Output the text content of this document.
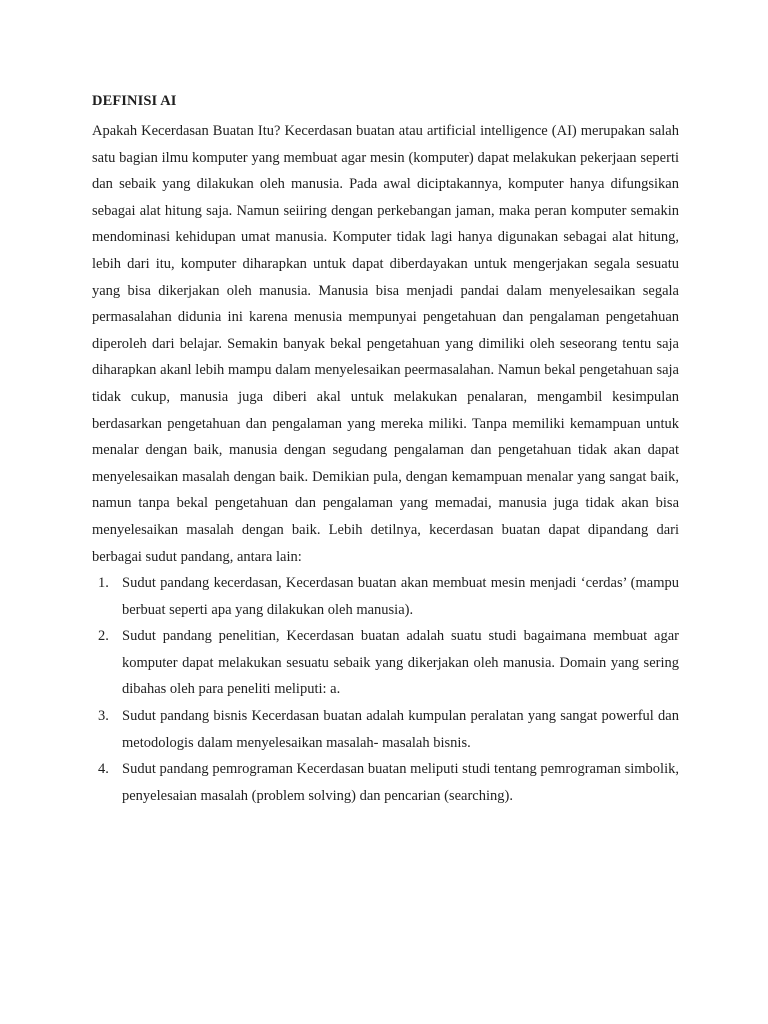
DEFINISI AI

Apakah Kecerdasan Buatan Itu? Kecerdasan buatan atau artificial intelligence (AI) merupakan salah satu bagian ilmu komputer yang membuat agar mesin (komputer) dapat melakukan pekerjaan seperti dan sebaik yang dilakukan oleh manusia. Pada awal diciptakannya, komputer hanya difungsikan sebagai alat hitung saja. Namun seiiring dengan perkebangan jaman, maka peran komputer semakin mendominasi kehidupan umat manusia. Komputer tidak lagi hanya digunakan sebagai alat hitung, lebih dari itu, komputer diharapkan untuk dapat diberdayakan untuk mengerjakan segala sesuatu yang bisa dikerjakan oleh manusia. Manusia bisa menjadi pandai dalam menyelesaikan segala permasalahan didunia ini karena menusia mempunyai pengetahuan dan pengalaman pengetahuan diperoleh dari belajar. Semakin banyak bekal pengetahuan yang dimiliki oleh seseorang tentu saja diharapkan akanl lebih mampu dalam menyelesaikan peermasalahan. Namun bekal pengetahuan saja tidak cukup, manusia juga diberi akal untuk melakukan penalaran, mengambil kesimpulan berdasarkan pengetahuan dan pengalaman yang mereka miliki. Tanpa memiliki kemampuan untuk menalar dengan baik, manusia dengan segudang pengalaman dan pengetahuan tidak akan dapat menyelesaikan masalah dengan baik. Demikian pula, dengan kemampuan menalar yang sangat baik, namun tanpa bekal pengetahuan dan pengalaman yang memadai, manusia juga tidak akan bisa menyelesaikan masalah dengan baik. Lebih detilnya, kecerdasan buatan dapat dipandang dari berbagai sudut pandang, antara lain:

1. Sudut pandang kecerdasan, Kecerdasan buatan akan membuat mesin menjadi ‘cerdas’ (mampu berbuat seperti apa yang dilakukan oleh manusia).
2. Sudut pandang penelitian, Kecerdasan buatan adalah suatu studi bagaimana membuat agar komputer dapat melakukan sesuatu sebaik yang dikerjakan oleh manusia. Domain yang sering dibahas oleh para peneliti meliputi: a.
3. Sudut pandang bisnis Kecerdasan buatan adalah kumpulan peralatan yang sangat powerful dan metodologis dalam menyelesaikan masalah- masalah bisnis.
4. Sudut pandang pemrograman Kecerdasan buatan meliputi studi tentang pemrograman simbolik, penyelesaian masalah (problem solving) dan pencarian (searching).
